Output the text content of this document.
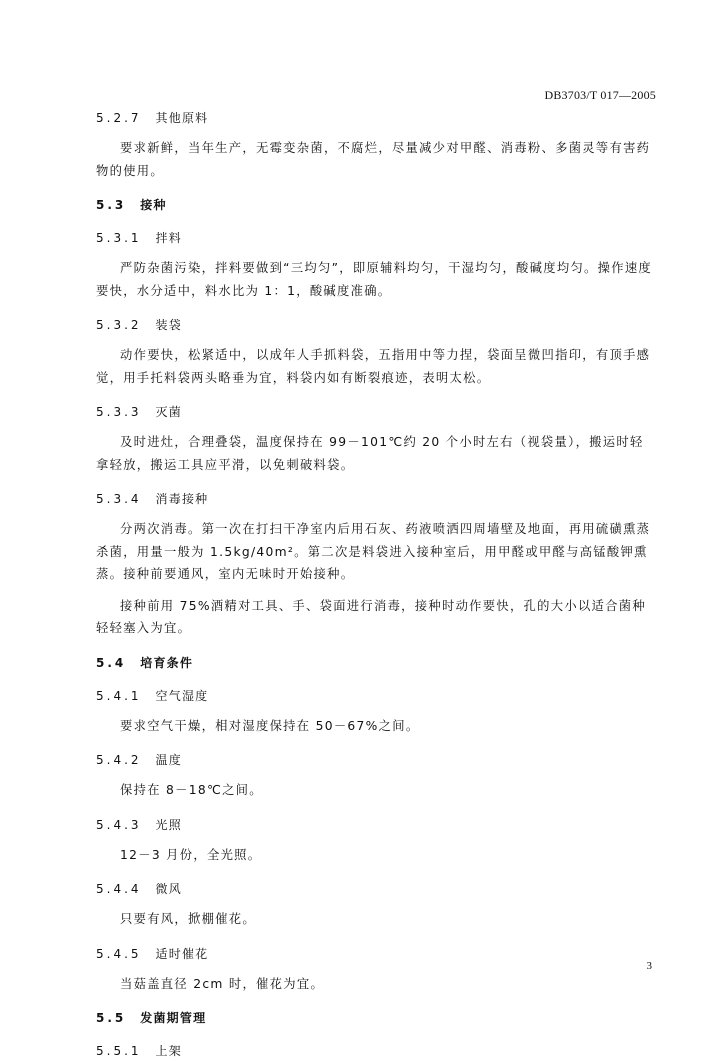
DB3703/T 017—2005
5.2.7 其他原料

要求新鲜，当年生产，无霉变杂菌，不腐烂，尽量减少对甲醛、消毒粉、多菌灵等有害药物的使用。

5.3 接种
5.3.1 拌料

严防杂菌污染，拌料要做到“三均匀”，即原辅料均匀，干湿均匀，酸碱度均匀。操作速度要快，水分适中，料水比为 1：1，酸碱度准确。

5.3.2 装袋

动作要快，松紧适中，以成年人手抓料袋，五指用中等力捏，袋面呈微凹指印，有顶手感觉，用手托料袋两头略垂为宜，料袋内如有断裂痕迹，表明太松。

5.3.3 灭菌

及时进灶，合理叠袋，温度保持在 99－101℃约 20 个小时左右（视袋量），搬运时轻拿轻放，搬运工具应平滑，以免刺破料袋。

5.3.4 消毒接种

分两次消毒。第一次在打扫干净室内后用石灰、药液喷洒四周墙壁及地面，再用硫磺熏蒸杀菌，用量一般为 1.5kg/40m²。第二次是料袋进入接种室后，用甲醛或甲醛与高锰酸钾熏蒸。接种前要通风，室内无味时开始接种。

接种前用 75%酒精对工具、手、袋面进行消毒，接种时动作要快，孔的大小以适合菌种轻轻塞入为宜。

5.4 培育条件
5.4.1 空气湿度

要求空气干燥，相对湿度保持在 50－67%之间。

5.4.2 温度

保持在 8－18℃之间。

5.4.3 光照

12－3 月份，全光照。

5.4.4 微风

只要有风，掀棚催花。

5.4.5 适时催花

当菇盖直径 2cm 时，催花为宜。

5.5 发菌期管理
5.5.1 上架
3
